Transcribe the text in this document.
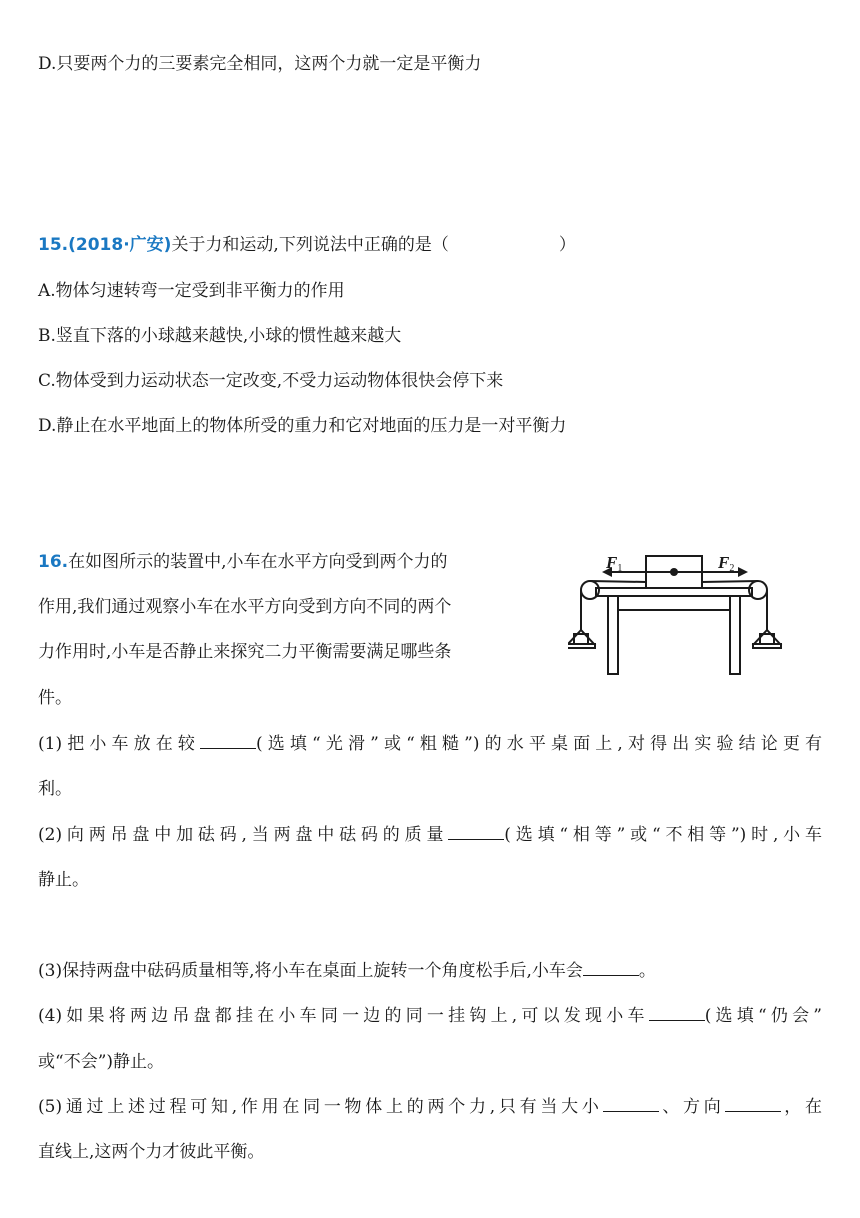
D.只要两个力的三要素完全相同，这两个力就一定是平衡力
15.(2018·广安)关于力和运动,下列说法中正确的是（	）
A.物体匀速转弯一定受到非平衡力的作用
B.竖直下落的小球越来越快,小球的惯性越来越大
C.物体受到力运动状态一定改变,不受力运动物体很快会停下来
D.静止在水平地面上的物体所受的重力和它对地面的压力是一对平衡力
16.在如图所示的装置中,小车在水平方向受到两个力的
作用,我们通过观察小车在水平方向受到方向不同的两个
力作用时,小车是否静止来探究二力平衡需要满足哪些条
件。
F1	F2
(1)把小车放在较	(选填“光滑”或“粗糙”)的水平桌面上,对得出实验结论更有
利。
(2)向两吊盘中加砝码,当两盘中砝码的质量	(选填“相等”或“不相等”)时,小车
静止。
(3)保持两盘中砝码质量相等,将小车在桌面上旋转一个角度松手后,小车会	。
(4)如果将两边吊盘都挂在小车同一边的同一挂钩上,可以发现小车	(选填“仍会”
或“不会”)静止。
(5)通过上述过程可知,作用在同一物体上的两个力,只有当大小	、方向	，在
直线上,这两个力才彼此平衡。
